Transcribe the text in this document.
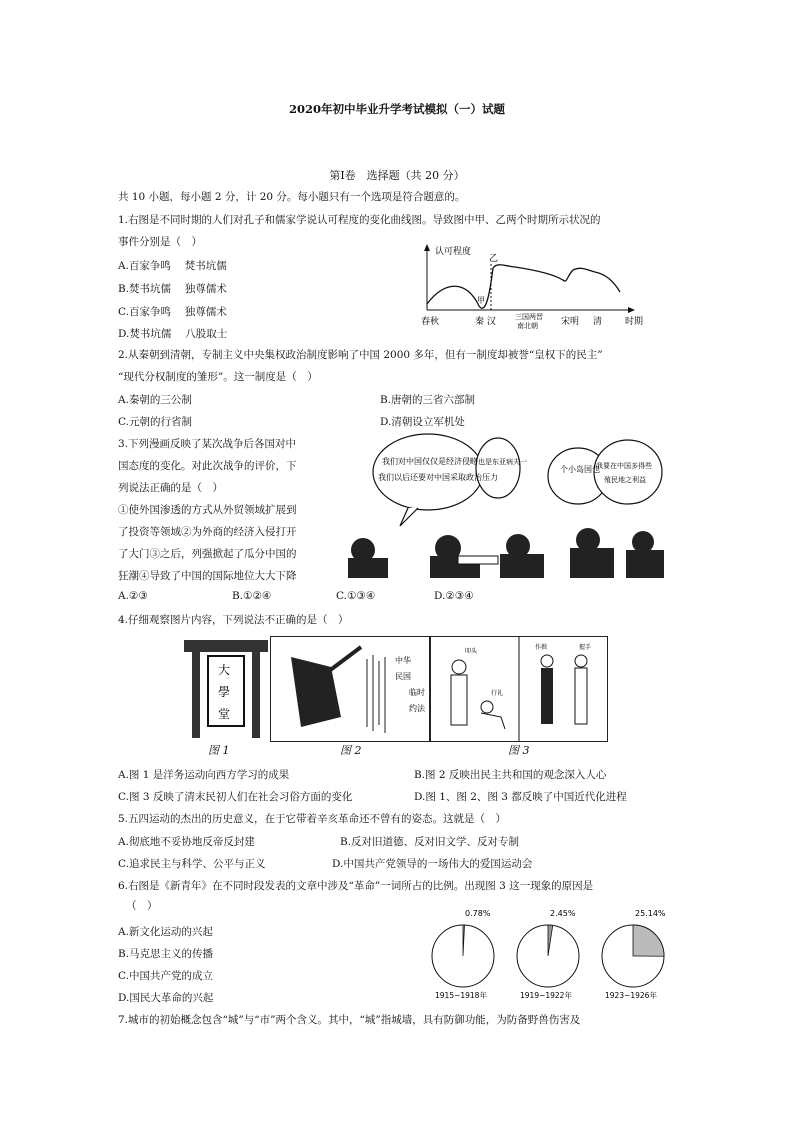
2020年初中毕业升学考试模拟（一）试题
第Ⅰ卷　选择题（共 20 分）
共 10 小题，每小题 2 分，计 20 分。每小题只有一个选项是符合题意的。
1.右图是不同时期的人们对孔子和儒家学说认可程度的变化曲线图。导致图中甲、乙两个时期所示状况的
事件分别是（　）
A.百家争鸣　 焚书坑儒
B.焚书坑儒　 独尊儒术
C.百家争鸣　 独尊儒术
D.焚书坑儒　 八股取士
认可程度
甲
乙
春秋	秦 汉	三国两晋
南北朝	宋明 清	时期
2.从秦朝到清朝，专制主义中央集权政治制度影响了中国 2000 多年，但有一制度却被誉“皇权下的民主”
“现代分权制度的雏形”。这一制度是（　）
A.秦朝的三公制	B.唐朝的三省六部制
C.元朝的行省制	D.清朝设立军机处
3.下列漫画反映了某次战争后各国对中
国态度的变化。对此次战争的评价，下
列说法正确的是（　）
①使外国渗透的方式从外贸领域扩展到
了投资等领域②为外商的经济入侵打开
了大门③之后，列强掀起了瓜分中国的
狂潮④导致了中国的国际地位大大下降
A.②③	B.①②④	C.①③④	D.②③④
我们对中国仅仅是经济侵略
我们以后还要对中国采取政治压力
也是东亚病夫一
个小岛国也
我要在中国多得些
殖民地之利益
4.仔细观察图片内容，下列说法不正确的是（　）
大
學
堂
中华
民国
临时
约法
叩头
行礼
作揖	握手
图 1	图 2	图 3
A.图 1 是洋务运动向西方学习的成果	B.图 2 反映出民主共和国的观念深入人心
C.图 3 反映了清末民初人们在社会习俗方面的变化	D.图 1、图 2、图 3 都反映了中国近代化进程
5.五四运动的杰出的历史意义，在于它带着辛亥革命还不曾有的姿态。这就是（　）
A.彻底地不妥协地反帝反封建	B.反对旧道德、反对旧文学、反对专制
C.追求民主与科学、公平与正义	D.中国共产党领导的一场伟大的爱国运动会
6.右图是《新青年》在不同时段发表的文章中涉及“革命”一词所占的比例。出现图 3 这一现象的原因是
（　）
A.新文化运动的兴起
B.马克思主义的传播
C.中国共产党的成立
D.国民大革命的兴起
0.78%
1915~1918年
2.45%
1919~1922年
25.14%
1923~1926年
7.城市的初始概念包含“城”与“市”两个含义。其中，“城”指城墙，具有防御功能，为防备野兽伤害及
